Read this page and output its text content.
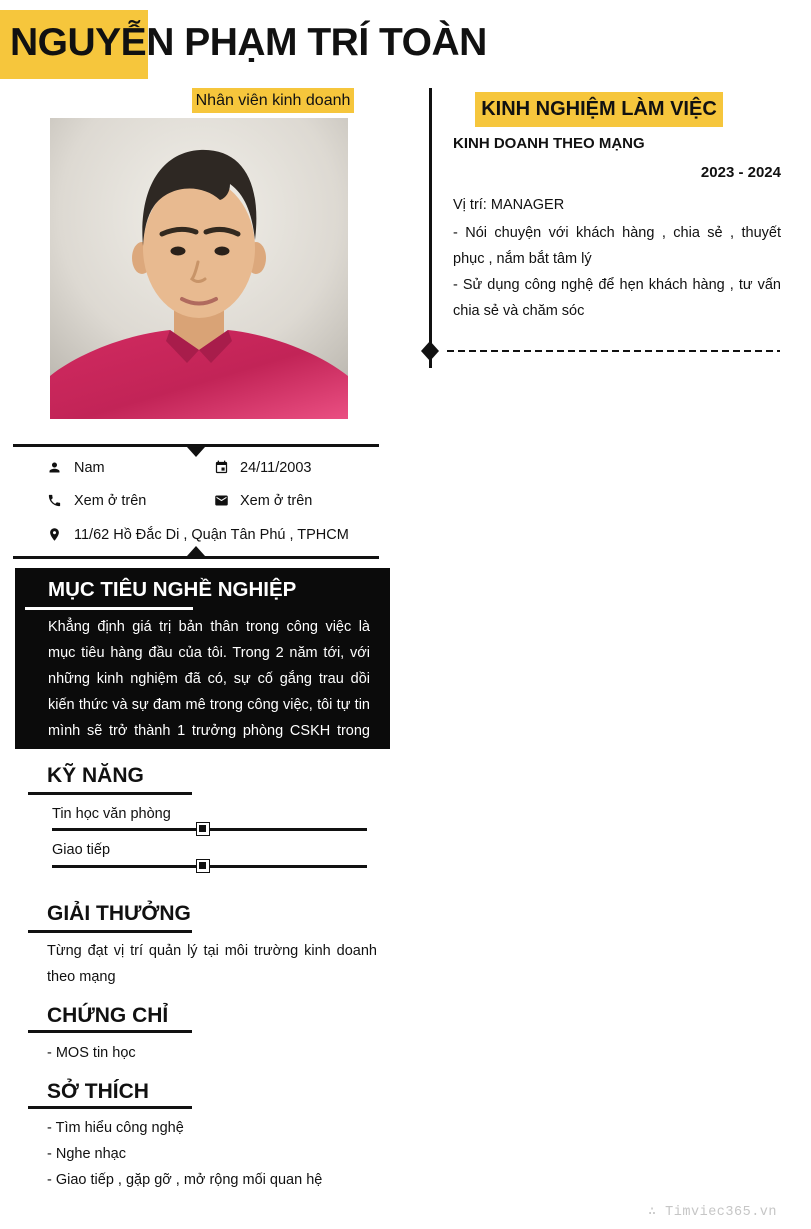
NGUYỄN PHẠM TRÍ TOÀN
Nhân viên kinh doanh
Nam	24/11/2003
Xem ở trên	Xem ở trên
11/62 Hồ Đắc Di , Quận Tân Phú , TPHCM
MỤC TIÊU NGHỀ NGHIỆP
Khẳng định giá trị bản thân trong công việc là mục tiêu hàng đầu của tôi. Trong 2 năm tới, với những kinh nghiệm đã có, sự cố gắng trau dồi kiến thức và sự đam mê trong công việc, tôi tự tin mình sẽ trở thành 1 trưởng phòng CSKH trong tương lai.
KỸ NĂNG
Tin học văn phòng
Giao tiếp
GIẢI THƯỞNG
Từng đạt vị trí quản lý tại môi trường kinh doanh theo mạng
CHỨNG CHỈ
- MOS tin học
SỞ THÍCH
- Tìm hiểu công nghệ
- Nghe nhạc
- Giao tiếp , gặp gỡ , mở rộng mối quan hệ
KINH NGHIỆM LÀM VIỆC
KINH DOANH THEO MẠNG
2023 - 2024
Vị trí: MANAGER

- Nói chuyện với khách hàng , chia sẻ , thuyết phục , nắm bắt tâm lý

- Sử dụng công nghệ để hẹn khách hàng , tư vấn chia sẻ và chăm sóc

∴ Timviec365.vn
